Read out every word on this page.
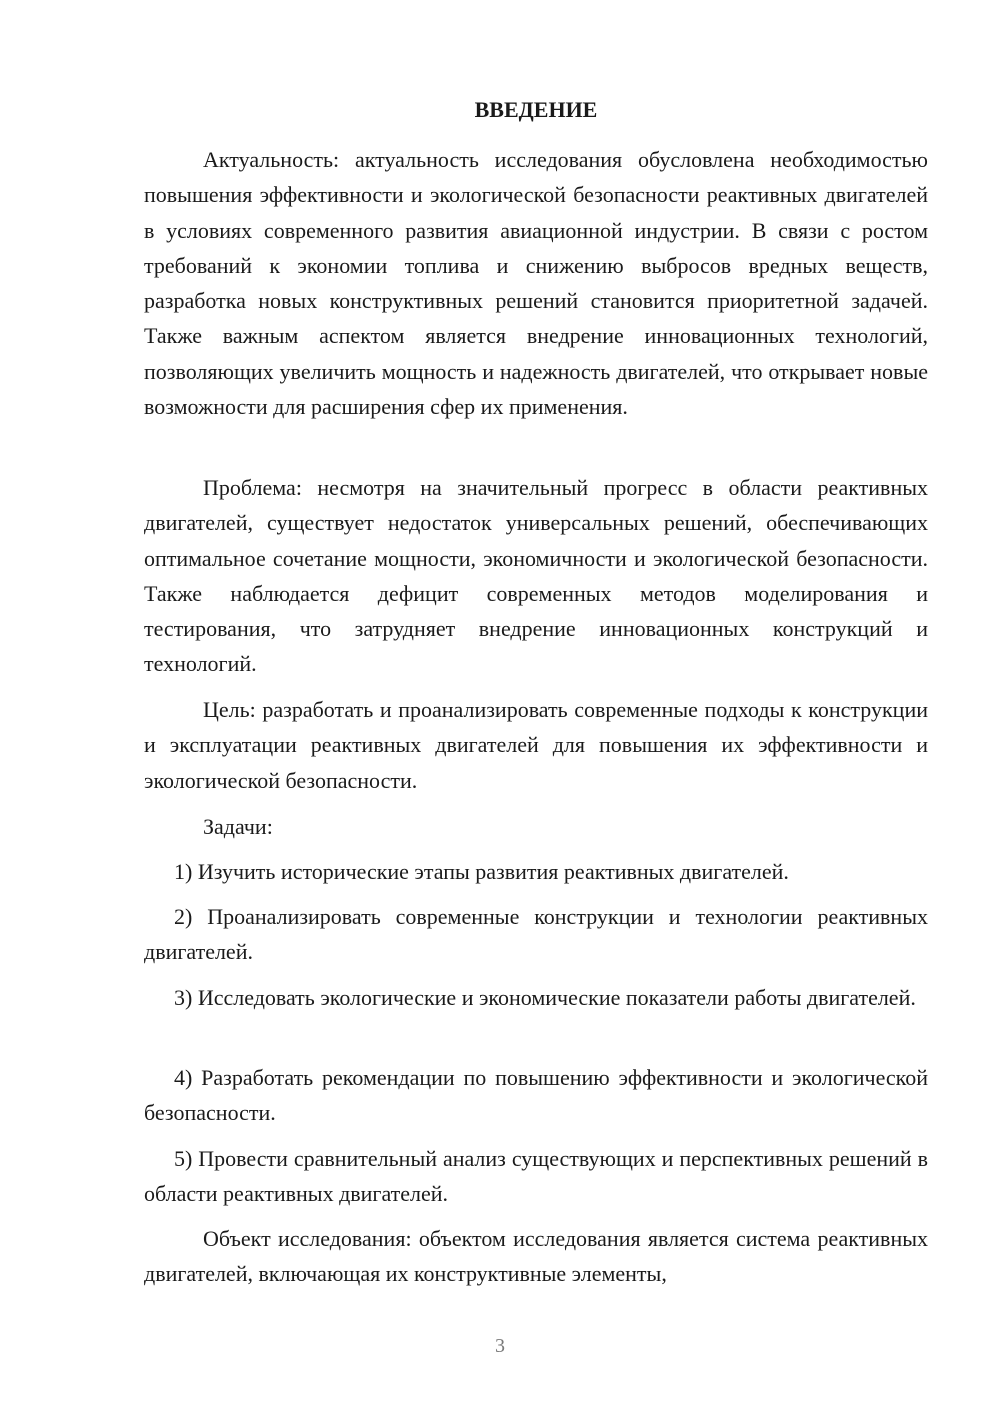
ВВЕДЕНИЕ

Актуальность: актуальность исследования обусловлена необходимостью повышения эффективности и экологической безопасности реактивных двигателей в условиях современного развития авиационной индустрии. В связи с ростом требований к экономии топлива и снижению выбросов вредных веществ, разработка новых конструктивных решений становится приоритетной задачей. Также важным аспектом является внедрение инновационных технологий, позволяющих увеличить мощность и надежность двигателей, что открывает новые возможности для расширения сфер их применения.

Проблема: несмотря на значительный прогресс в области реактивных двигателей, существует недостаток универсальных решений, обеспечивающих оптимальное сочетание мощности, экономичности и экологической безопасности. Также наблюдается дефицит современных методов моделирования и тестирования, что затрудняет внедрение инновационных конструкций и технологий.

Цель: разработать и проанализировать современные подходы к конструкции и эксплуатации реактивных двигателей для повышения их эффективности и экологической безопасности.

Задачи:

1) Изучить исторические этапы развития реактивных двигателей.

2) Проанализировать современные конструкции и технологии реактивных двигателей.

3) Исследовать экологические и экономические показатели работы двигателей.

4) Разработать рекомендации по повышению эффективности и экологической безопасности.

5) Провести сравнительный анализ существующих и перспективных решений в области реактивных двигателей.

Объект исследования: объектом исследования является система реактивных двигателей, включающая их конструктивные элементы,

3
